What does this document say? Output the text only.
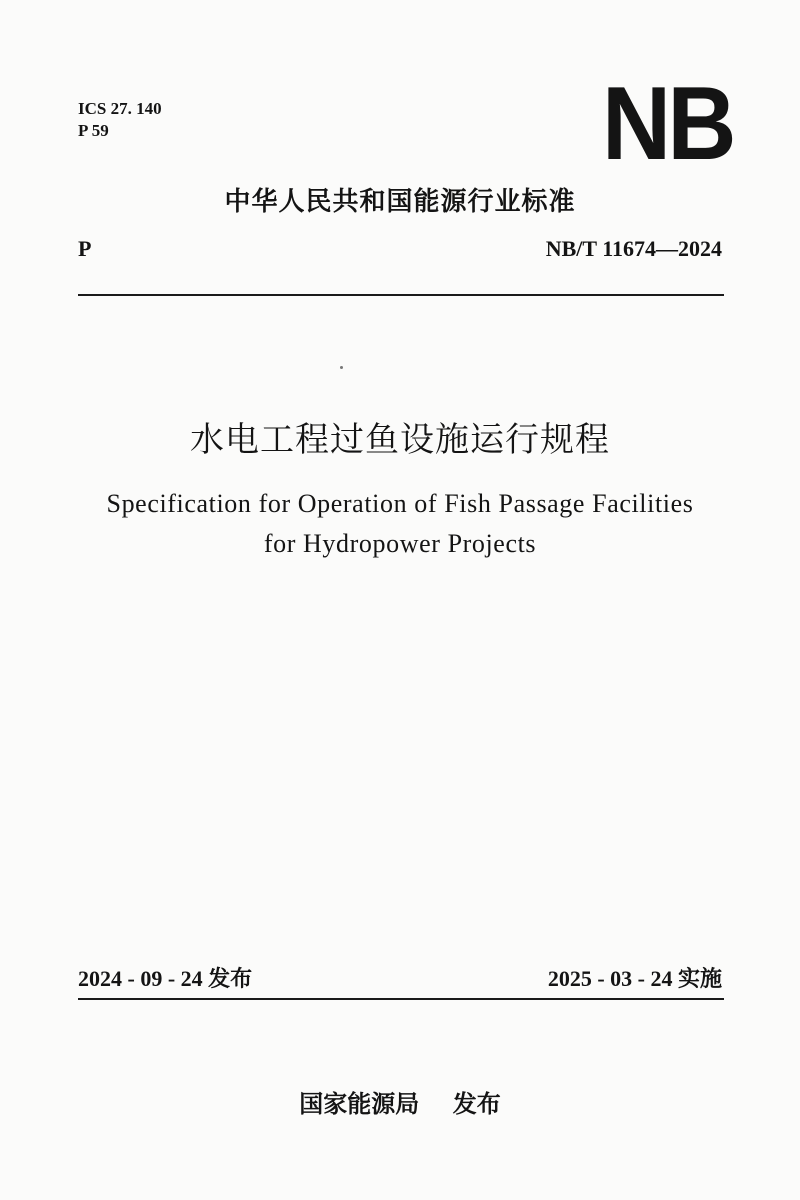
ICS 27. 140
P 59	NB
中华人民共和国能源行业标准
P	NB/T 11674—2024
水电工程过鱼设施运行规程
Specification for Operation of Fish Passage Facilities
for Hydropower Projects
2024 - 09 - 24 发布	2025 - 03 - 24 实施
国家能源局 发布
